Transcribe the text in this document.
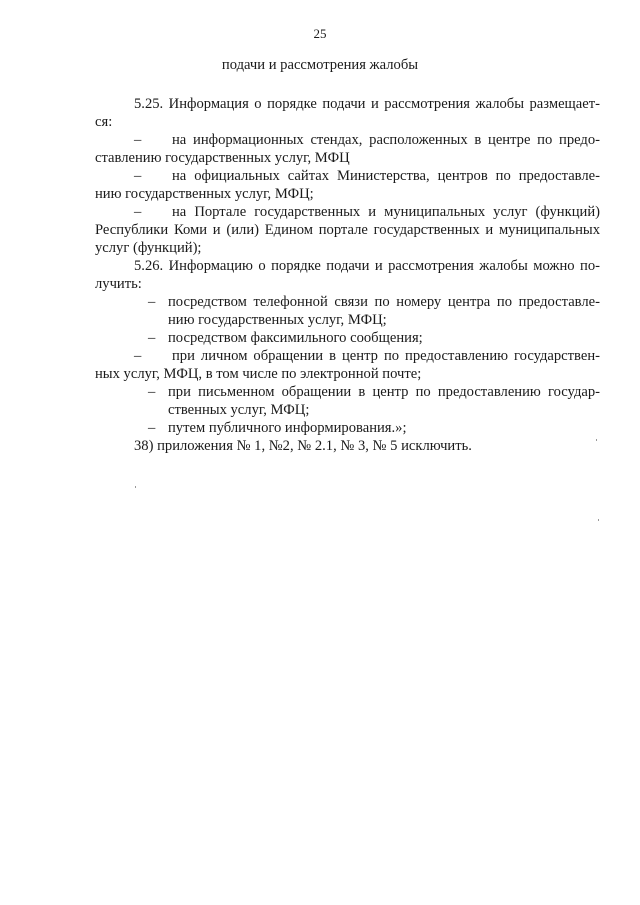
25
подачи и рассмотрения жалобы
5.25. Информация о порядке подачи и рассмотрения жалобы размещает-
ся:
– на информационных стендах, расположенных в центре по предо-
ставлению государственных услуг, МФЦ
– на официальных сайтах Министерства, центров по предоставле-
нию государственных услуг, МФЦ;
– на Портале государственных и муниципальных услуг (функций)
Республики Коми и (или) Едином портале государственных и муниципальных
услуг (функций);
5.26. Информацию о порядке подачи и рассмотрения жалобы можно по-
лучить:
– посредством телефонной связи по номеру центра по предоставле-
нию государственных услуг, МФЦ;
– посредством факсимильного сообщения;
– при личном обращении в центр по предоставлению государствен-
ных услуг, МФЦ, в том числе по электронной почте;
– при письменном обращении в центр по предоставлению государ-
ственных услуг, МФЦ;
– путем публичного информирования.»;
38) приложения № 1, №2, № 2.1, № 3, № 5 исключить.
